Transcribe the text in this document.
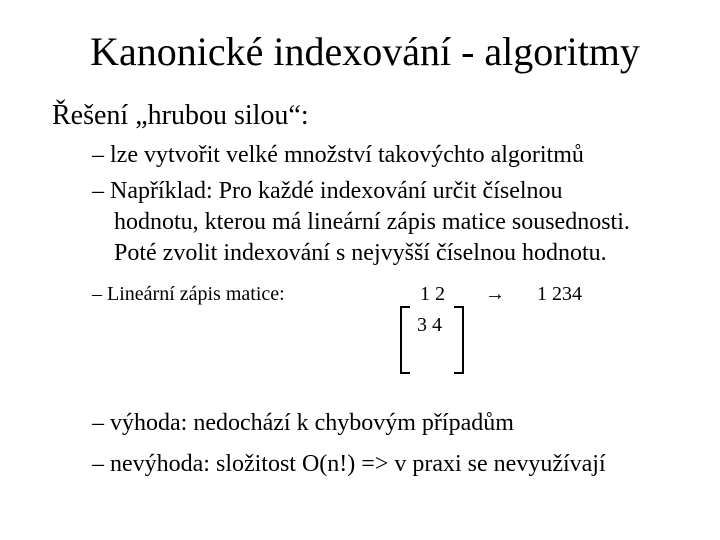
Kanonické indexování - algoritmy
Řešení „hrubou silou“:
– lze vytvořit velké množství takovýchto algoritmů
– Například: Pro každé indexování určit číselnou
hodnotu, kterou má lineární zápis matice sousednosti.
Poté zvolit indexování s nejvyšší číselnou hodnotu.
– Lineární zápis matice:	1 2 → 1 234
3 4
– výhoda: nedochází k chybovým případům
– nevýhoda: složitost O(n!) => v praxi se nevyužívají
